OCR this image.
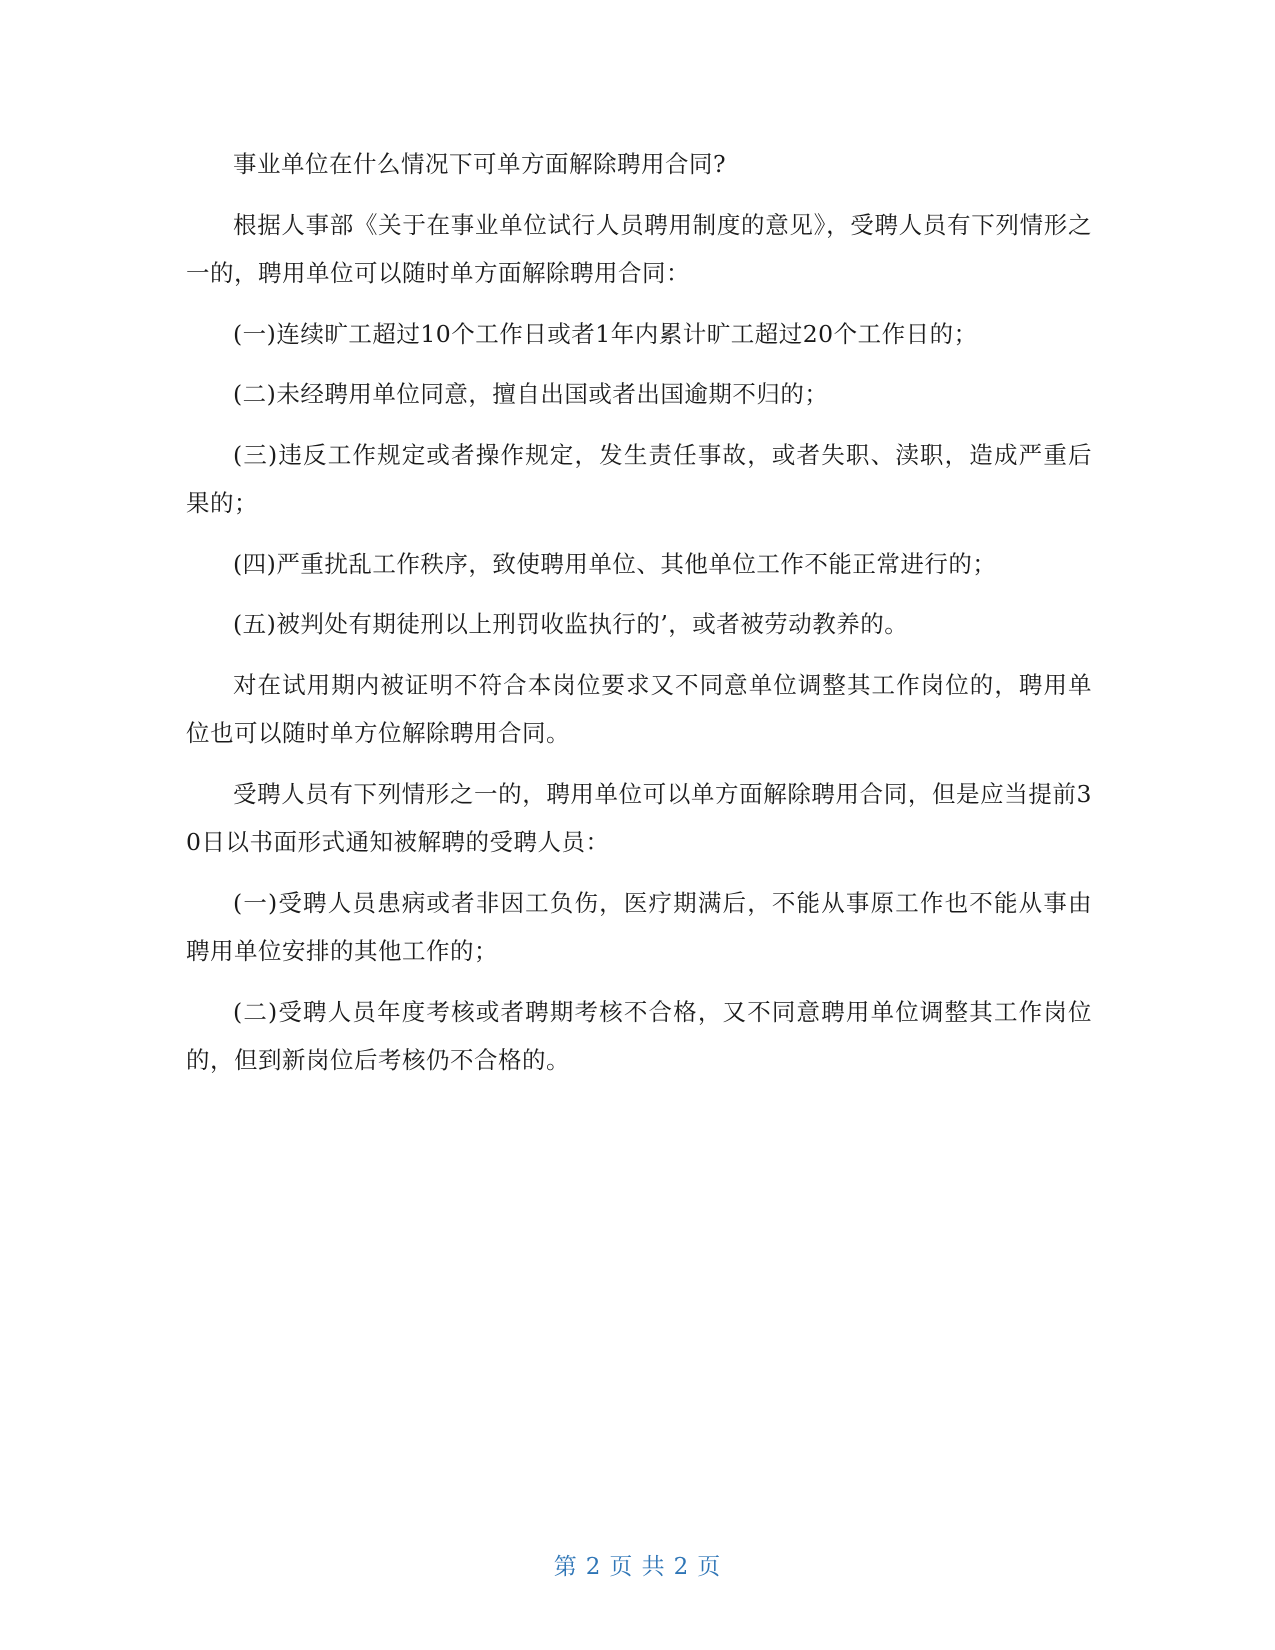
事业单位在什么情况下可单方面解除聘用合同?

根据人事部《关于在事业单位试行人员聘用制度的意见》，受聘人员有下列情形之一的，聘用单位可以随时单方面解除聘用合同：

(一)连续旷工超过10个工作日或者1年内累计旷工超过20个工作日的；

(二)未经聘用单位同意，擅自出国或者出国逾期不归的；

(三)违反工作规定或者操作规定，发生责任事故，或者失职、渎职，造成严重后果的；

(四)严重扰乱工作秩序，致使聘用单位、其他单位工作不能正常进行的；

(五)被判处有期徒刑以上刑罚收监执行的’，或者被劳动教养的。

对在试用期内被证明不符合本岗位要求又不同意单位调整其工作岗位的，聘用单位也可以随时单方位解除聘用合同。

受聘人员有下列情形之一的，聘用单位可以单方面解除聘用合同，但是应当提前30日以书面形式通知被解聘的受聘人员：

(一)受聘人员患病或者非因工负伤，医疗期满后，不能从事原工作也不能从事由聘用单位安排的其他工作的；

(二)受聘人员年度考核或者聘期考核不合格，又不同意聘用单位调整其工作岗位的，但到新岗位后考核仍不合格的。

第 2 页 共 2 页
